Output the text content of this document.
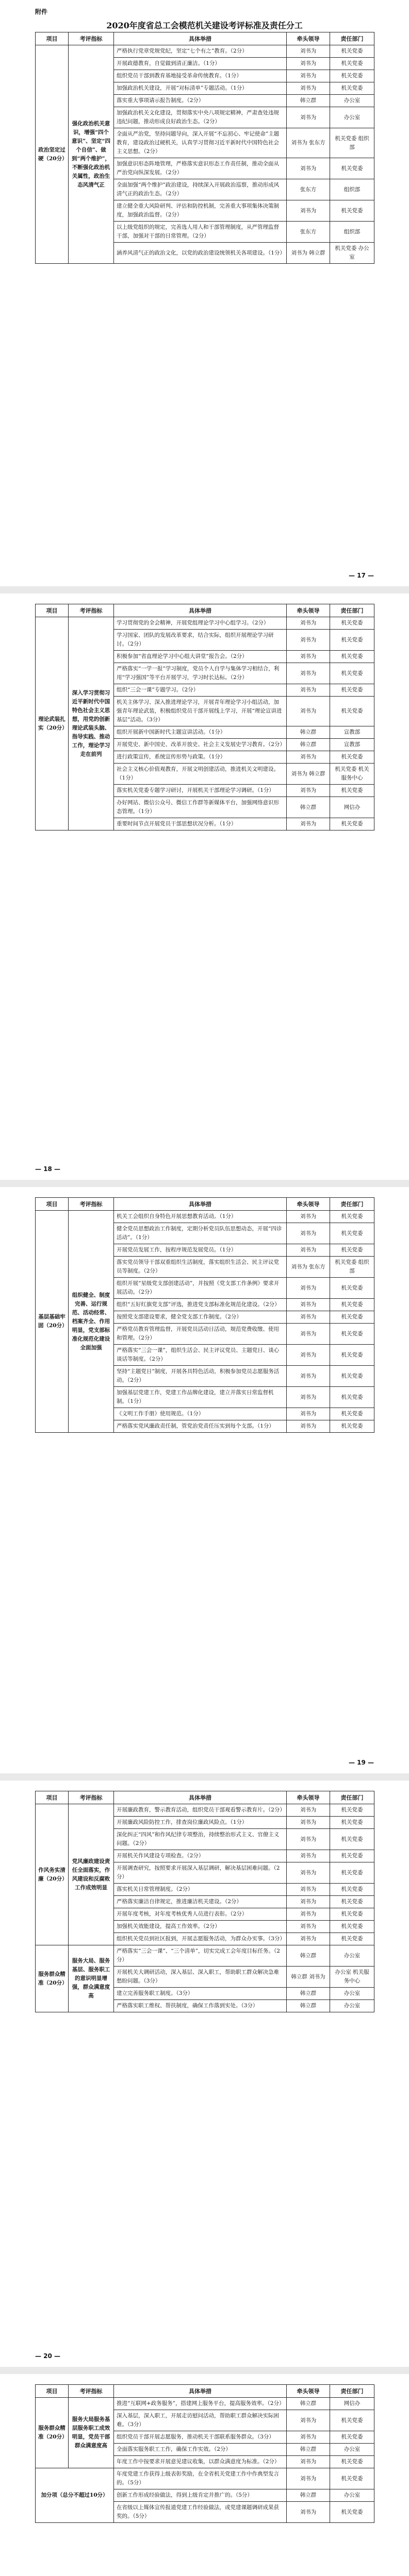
附件
2020年度省总工会模范机关建设考评标准及责任分工
项目	考评指标	具体举措	牵头领导	责任部门
政治坚定过硬（20分）	强化政治机关意识，增强“四个意识”、坚定“四个自信”、做到“两个维护”，不断强化政治机关属性，政治生态风清气正	严格执行党章党规党纪，坚定“七个有之”教育。（2分）	刘书为	机关党委
		开展政德教育，自觉做到清正廉洁。（1分）	刘书为	机关党委
		组织党员干部到教育基地接受革命传统教育。（1分）	刘书为	机关党委
		加强政治机关建设，开展“对标清单”专题活动。（1分）	刘书为	机关党委
		落实重大事项请示报告制度。（2分）	韩立群	办公室
		加强政治机关文化建设，贯彻落实中央八项规定精神，严肃查处违规违纪问题，推动形成良好政治生态。（2分）	刘书为	办公室
		全面从严治党，坚持问题导向，深入开展“不忘初心、牢记使命”主题教育，建设政治过硬机关，认真学习贯彻习近平新时代中国特色社会主义思想。（2分）	刘书为 张东方	机关党委 组织部
		加强意识形态阵地管理，严格落实意识形态工作责任制，推动全面从严治党向纵深发展。（2分）	刘书为	机关党委
		全面加强“两个维护”政治建设，持续深入开展政治巡察，推动形成风清气正的政治生态。（2分）	张东方	组织部
		建立健全重大风险研判、评估和防控机制，完善重大事项集体决策制度，加强政治监督。（2分）	刘书为	机关党委
		以上级党组织的规定，完善选人用人和干部管理制度，从严管理监督干部，加强对干部的日常管理。（2分）	张东方	组织部
		涵养风清气正的政治文化，以党的政治建设统领机关各项建设。（1分）	刘书为 韩立群	机关党委 办公室
— 17 —
项目	考评指标	具体举措	牵头领导	责任部门
理论武装扎实（20分）	深入学习贯彻习近平新时代中国特色社会主义思想，用党的创新理论武装头脑、指导实践、推动工作，理论学习走在前列	学习贯彻党的全会精神，开展党组理论学习中心组学习。（2分）	刘书为	机关党委
		学习国家、团队的发展改革要求，结合实际，组织开展理论学习研讨。（2分）	刘书为	机关党委
		积极参加“省直理论学习中心组大讲堂”报告会。（2分）	刘书为	机关党委
		严格落实“一学一报”学习制度，党员个人自学与集体学习相结合，利用“学习强国”等平台开展学习，学习时长达标。（2分）	刘书为	机关党委
		组织“三会一课”专题学习。（2分）	刘书为	机关党委
		机关主体学习、深入推进理论学习，开展青年理论学习小组活动，加强青年理论武装，积极组织党员干部开展线上学习，开展“理论宣讲进基层”活动。（3分）	刘书为	机关党委
		组织开展新中国新时代主题宣讲活动。（1分）	韩立群	宣教部
		开展党史、新中国史、改革开放史、社会主义发展史学习教育。（2分）	韩立群	宣教部
		进行政策宣传，系统宣传形势与政策。（1分）	刘书为	机关党委
		社会主义核心价值观教育，开展文明创建活动，推进机关文明建设。（1分）	刘书为 韩立群	机关党委 机关服务中心
		落实机关党委专题学习研讨，开展机关干部理论学习调研。（1分）	刘书为	机关党委
		办好网站、微信公众号、微信工作群等新媒体平台，加强网络意识形态管理。（1分）	韩立群	网信办
		重要时间节点开展党员干部思想状况分析。（1分）	刘书为	机关党委
— 18 —
项目	考评指标	具体举措	牵头领导	责任部门
基层基础牢固（20分）	组织健全、制度完善、运行规范、活动经常、档案齐全、作用明显，党支部标准化规范化建设全面加强	机关工会组织自身特色开展思想教育活动。（1分）	刘书为	机关党委
		健全党员思想政治工作制度，定期分析党员队伍思想动态，开展“四诊活动”。（1分）	刘书为	机关党委
		开展党员发展工作，按程序规范发展党员。（1分）	刘书为	机关党委
		落实党员领导干部双重组织生活制度，落实组织生活会、民主评议党员等制度。（2分）	刘书为 张东方	机关党委 组织部
		组织开展“星级党支部创建活动”，并按照《党支部工作条例》要求开展活动。（2分）	刘书为	机关党委
		组织“五好红旗党支部”评选，推进党支部标准化规范化建设。（2分）	刘书为	机关党委
		按照党支部建设要求，健全党支部工作制度。（2分）	刘书为	机关党委
		严格党员教育管理监督，开展党员活动日活动，规范党费收缴、使用和管理。（2分）	刘书为	机关党委
		严格落实“三会一课”，组织生活会、民主评议党员、主题党日、谈心谈话等制度。（2分）	刘书为	机关党委
		坚持“主题党日”制度，开展各具特色活动，积极参加党员志愿服务活动。（2分）	刘书为	机关党委
		加强基层党建工作，党建工作品牌化建设，建立并落实日常监督机制。（1分）	刘书为	机关党委
		《文明工作手册》使用规范。（1分）	刘书为	机关党委
		严格落实党风廉政责任制，管党治党责任压实到每个支部。（1分）	刘书为	机关党委
— 19 —
项目	考评指标	具体举措	牵头领导	责任部门
作风务实清廉（20分）	党风廉政建设责任全面落实，作风建设和反腐败工作成效明显	开展廉政教育，警示教育活动，组织党员干部观看警示教育片。（2分）	刘书为	机关党委
		开展廉政风险防控工作，排查岗位廉政风险点。（1分）	刘书为	机关党委
		深化纠正“四风”和作风纪律专项整治，持续整治形式主义、官僚主义问题。（2分）	刘书为	机关党委
		开展机关作风建设专项检查。（2分）	刘书为	机关党委
		开展调查研究，按照要求开展深入基层调研，解决基层困难问题。（2分）	刘书为	机关党委
		落实机关日常管理制度。（2分）	刘书为	机关党委
		严格落实廉洁自律规定，推进廉洁机关建设。（2分）	刘书为	机关党委
		开展年度考核，对年度考核优秀人员进行表彰。（2分）	刘书为	机关党委
		加强机关效能建设，提高工作效率。（2分）	刘书为	机关党委
		组织机关党员到社区报到，开展志愿服务活动，为群众办实事。（3分）	刘书为	机关党委
服务群众精准（20分）	服务大局、服务基层、服务职工的意识明显增强，群众满意度高	严格落实“三会一课”、“三个清单”，切实完成工会年度目标任务。（2分）	韩立群	办公室
		开展机关大调研活动，深入基层、深入职工，帮助职工群众解决急难愁盼问题。（3分）	韩立群 刘书为	办公室 机关服务中心
		建立完善服务职工制度。（3分）	韩立群	办公室
		严格落实职工维权、帮扶制度，确保工作落到实处。（3分）	韩立群	办公室
— 20 —
项目	考评指标	具体举措	牵头领导	责任部门
服务群众精准（20分）	服务大局服务基层服务职工成效明显，党员干部群众满意度高	推进“互联网+政务服务”，搭建网上服务平台，提高服务效率。（2分）	韩立群	网信办
		深入基层，深入职工，开展走访慰问活动，帮助职工群众解决实际困难。（3分）	刘书为	机关党委
		组织党员干部开展志愿服务，推动机关干部联系服务群众。（3分）	刘书为	机关党委
		全面落实服务职工工作，确保工作实效。（2分）	韩立群	办公室
		年度工作中按要求开展意见建议收集，以群众满意度为标准。（2分）	刘书为	机关党委
加分项（总分不超过10分）		年度党建工作获得上级表彰奖励，在全省机关党建工作中作典型发言的。（5分）	刘书为	机关党委
		创新工作形成经验做法，得到上级肯定并推广的。（5分）	韩立群	办公室
		在省级以上媒体宣传报道党建工作经验做法，或党建课题调研成果获奖的。（5分）	刘书为	机关党委
